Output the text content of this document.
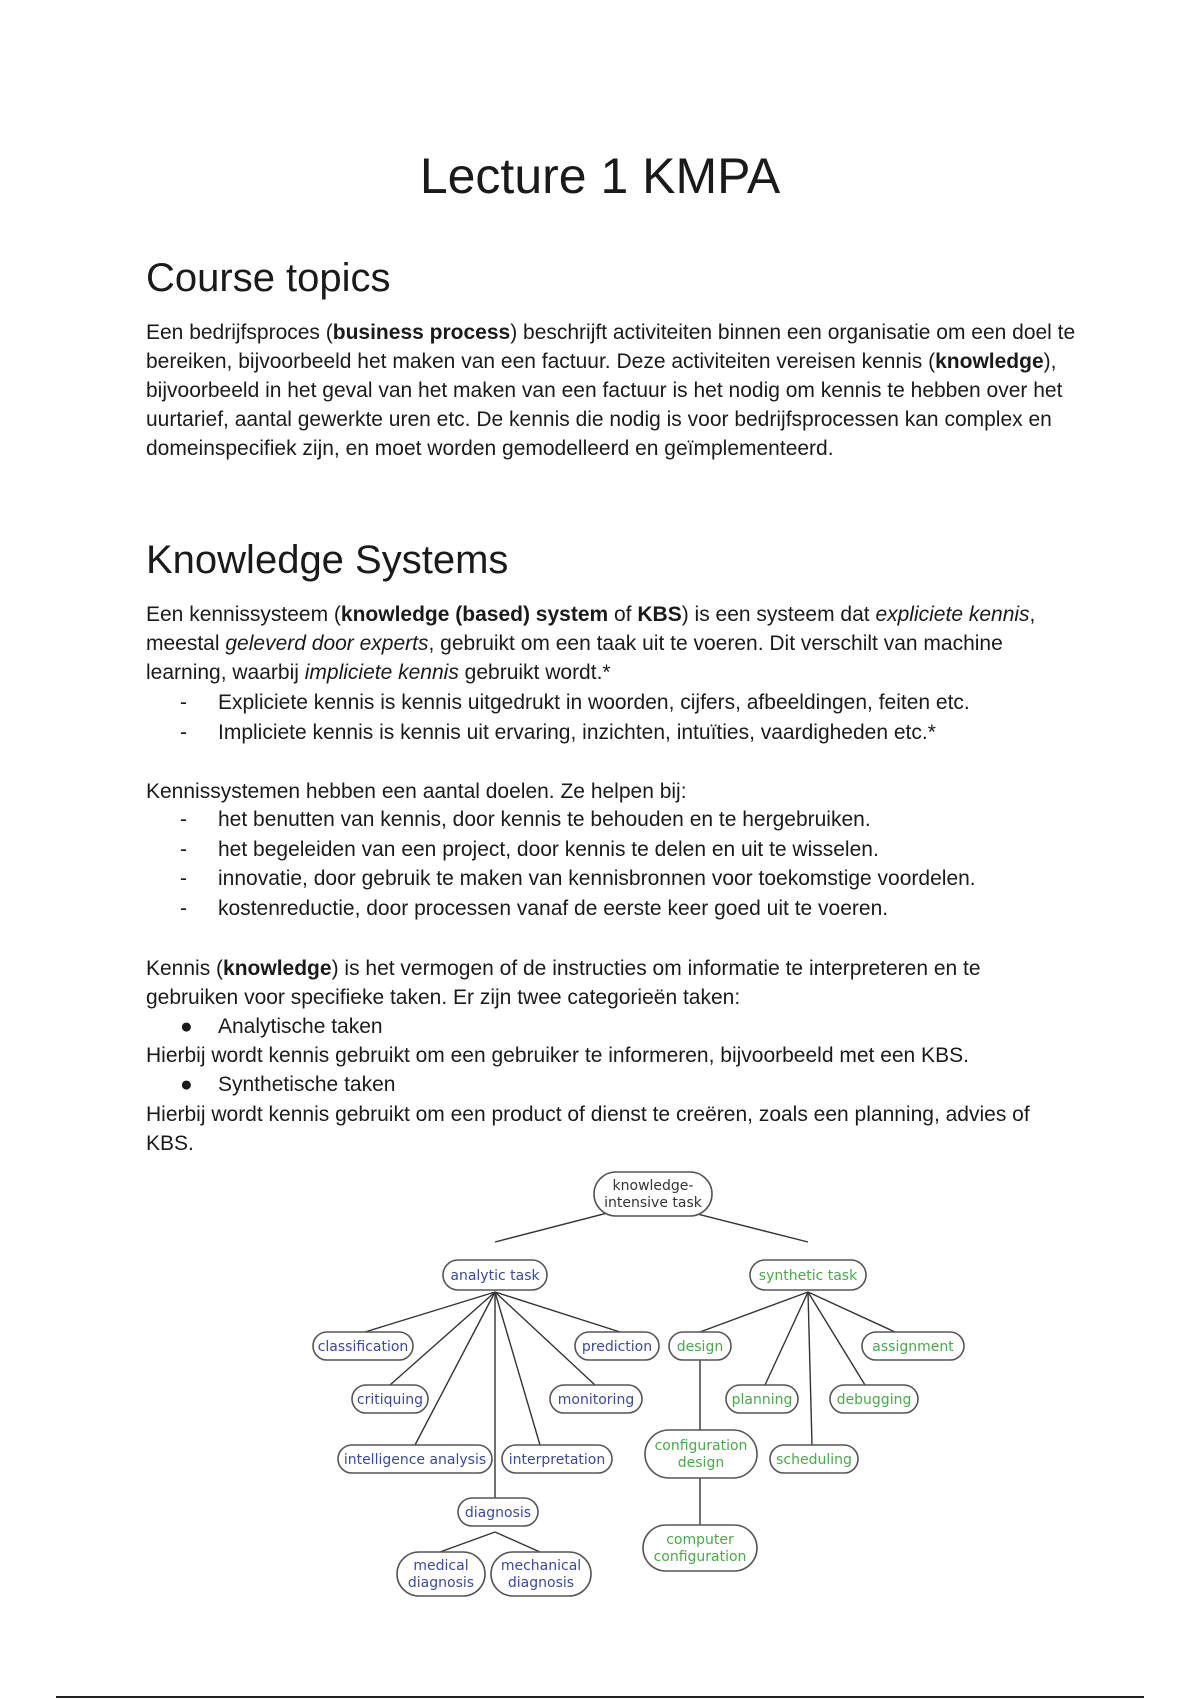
Lecture 1 KMPA
Course topics

Een bedrijfsproces (business process) beschrijft activiteiten binnen een organisatie om een doel te bereiken, bijvoorbeeld het maken van een factuur. Deze activiteiten vereisen kennis (knowledge), bijvoorbeeld in het geval van het maken van een factuur is het nodig om kennis te hebben over het uurtarief, aantal gewerkte uren etc. De kennis die nodig is voor bedrijfsprocessen kan complex en domeinspecifiek zijn, en moet worden gemodelleerd en geïmplementeerd.

Knowledge Systems

Een kennissysteem (knowledge (based) system of KBS) is een systeem dat expliciete kennis, meestal geleverd door experts, gebruikt om een taak uit te voeren. Dit verschilt van machine learning, waarbij impliciete kennis gebruikt wordt.*

- Expliciete kennis is kennis uitgedrukt in woorden, cijfers, afbeeldingen, feiten etc.
- Impliciete kennis is kennis uit ervaring, inzichten, intuïties, vaardigheden etc.*

Kennissystemen hebben een aantal doelen. Ze helpen bij:

- het benutten van kennis, door kennis te behouden en te hergebruiken.
- het begeleiden van een project, door kennis te delen en uit te wisselen.
- innovatie, door gebruik te maken van kennisbronnen voor toekomstige voordelen.
- kostenreductie, door processen vanaf de eerste keer goed uit te voeren.

Kennis (knowledge) is het vermogen of de instructies om informatie te interpreteren en te gebruiken voor specifieke taken. Er zijn twee categorieën taken:

● Analytische taken

Hierbij wordt kennis gebruikt om een gebruiker te informeren, bijvoorbeeld met een KBS.

● Synthetische taken

Hierbij wordt kennis gebruikt om een product of dienst te creëren, zoals een planning, advies of KBS.

knowledge-
intensive task
analytic task	synthetic task
classification
critiquing
intelligence analysis interpretation
monitoring
prediction
diagnosis
medical
diagnosis
mechanical
diagnosis
design
planning
scheduling
debugging
assignment
configuration
design
computer
configuration
